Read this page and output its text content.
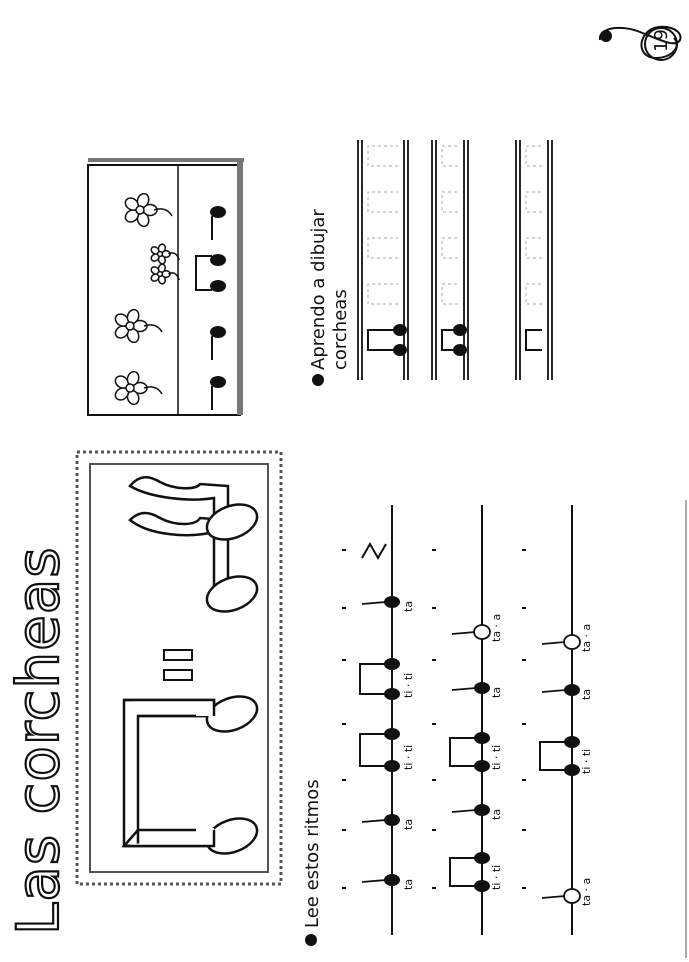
Las corcheas
19
Lee estos ritmos
Aprendo a dibujar corcheas
ta
ta
ti · ti
ti · ti
ta
ti · ti
ta
ti · ti
ta
ta · a
ta · a
ti · ti
ta
ta · a
